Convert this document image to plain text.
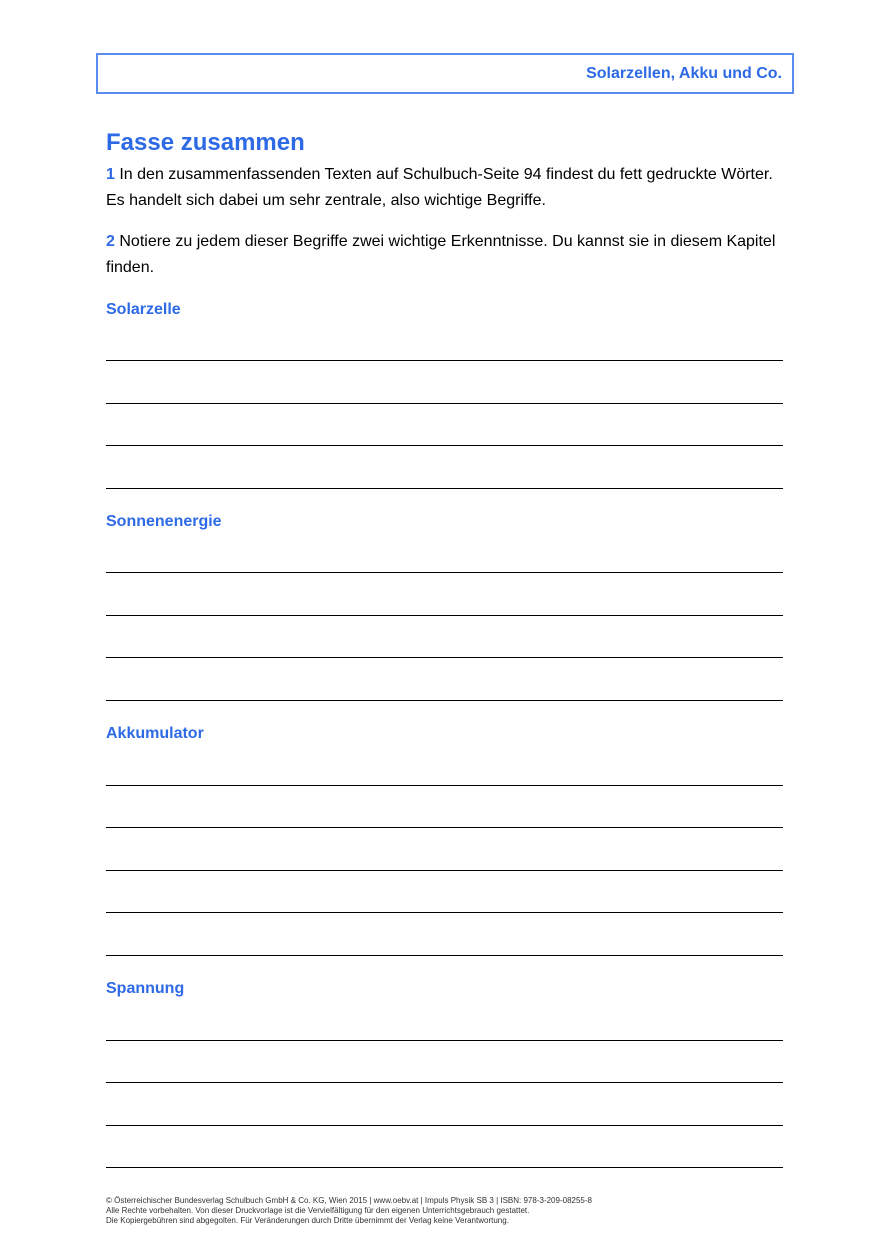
Solarzellen, Akku und Co.
Fasse zusammen
1 In den zusammenfassenden Texten auf Schulbuch-Seite 94 findest du fett gedruckte Wörter. Es handelt sich dabei um sehr zentrale, also wichtige Begriffe.
2 Notiere zu jedem dieser Begriffe zwei wichtige Erkenntnisse. Du kannst sie in diesem Kapitel finden.
Solarzelle
Sonnenenergie
Akkumulator
Spannung
© Österreichischer Bundesverlag Schulbuch GmbH & Co. KG, Wien 2015 | www.oebv.at | Impuls Physik SB 3 | ISBN: 978-3-209-08255-8
Alle Rechte vorbehalten. Von dieser Druckvorlage ist die Vervielfältigung für den eigenen Unterrichtsgebrauch gestattet.
Die Kopiergebühren sind abgegolten. Für Veränderungen durch Dritte übernimmt der Verlag keine Verantwortung.
